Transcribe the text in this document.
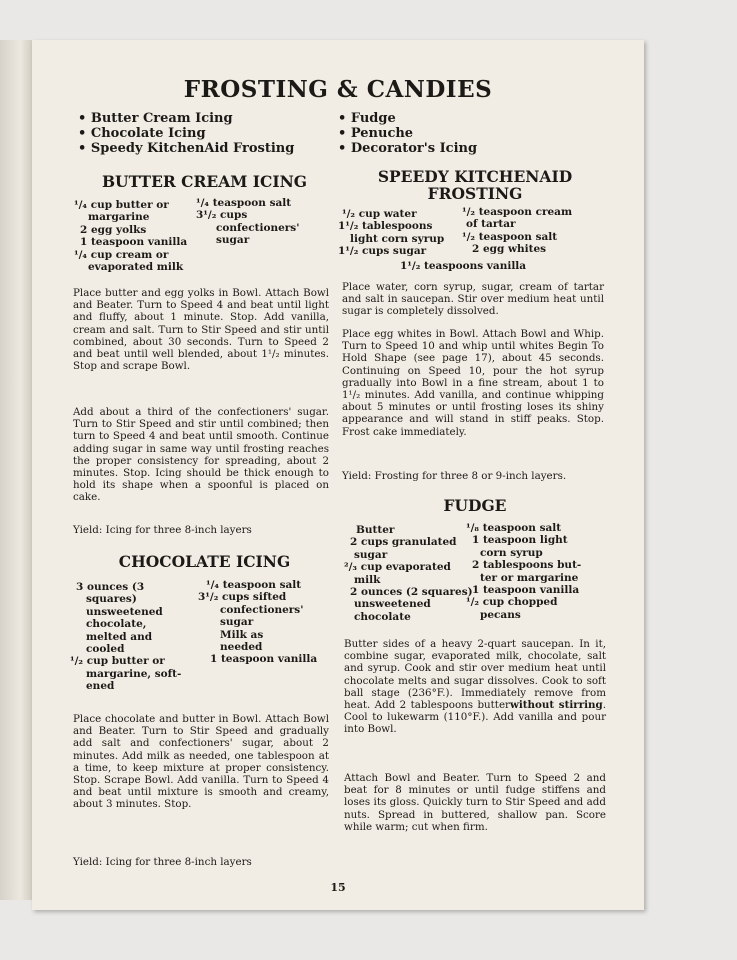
FROSTING & CANDIES
• Butter Cream Icing
• Chocolate Icing
• Speedy KitchenAid Frosting
• Fudge
• Penuche
• Decorator's Icing
BUTTER CREAM ICING
¹/₄ cup butter or
margarine
2 egg yolks
1 teaspoon vanilla
¹/₄ cup cream or
evaporated milk
¹/₄ teaspoon salt
3¹/₂ cups
confectioners'
sugar

Place butter and egg yolks in Bowl. Attach Bowl and Beater. Turn to Speed 4 and beat until light and fluffy, about 1 minute. Stop. Add vanilla, cream and salt. Turn to Stir Speed and stir until combined, about 30 seconds. Turn to Speed 2 and beat until well blended, about 1¹/₂ minutes. Stop and scrape Bowl.

Add about a third of the confectioners' sugar. Turn to Stir Speed and stir until combined; then turn to Speed 4 and beat until smooth. Continue adding sugar in same way until frosting reaches the proper consistency for spreading, about 2 minutes. Stop. Icing should be thick enough to hold its shape when a spoonful is placed on cake.

Yield: Icing for three 8-inch layers

CHOCOLATE ICING
3 ounces (3
squares)
unsweetened
chocolate,
melted and
cooled
¹/₂ cup butter or
margarine, soft-
ened
¹/₄ teaspoon salt
3¹/₂ cups sifted
confectioners'
sugar
Milk as
needed
1 teaspoon vanilla

Place chocolate and butter in Bowl. Attach Bowl and Beater. Turn to Stir Speed and gradually add salt and confectioners' sugar, about 2 minutes. Add milk as needed, one tablespoon at a time, to keep mixture at proper consistency. Stop. Scrape Bowl. Add vanilla. Turn to Speed 4 and beat until mixture is smooth and creamy, about 3 minutes. Stop.

Yield: Icing for three 8-inch layers

SPEEDY KITCHENAID FROSTING
¹/₂ cup water
1¹/₂ tablespoons
light corn syrup
1¹/₂ cups sugar
¹/₂ teaspoon cream
of tartar
¹/₂ teaspoon salt
2 egg whites
1¹/₂ teaspoons vanilla

Place water, corn syrup, sugar, cream of tartar and salt in saucepan. Stir over medium heat until sugar is completely dissolved.

Place egg whites in Bowl. Attach Bowl and Whip. Turn to Speed 10 and whip until whites Begin To Hold Shape (see page 17), about 45 seconds. Continuing on Speed 10, pour the hot syrup gradually into Bowl in a fine stream, about 1 to 1¹/₂ minutes. Add vanilla, and continue whipping about 5 minutes or until frosting loses its shiny appearance and will stand in stiff peaks. Stop. Frost cake immediately.

Yield: Frosting for three 8 or 9-inch layers.

FUDGE
Butter
2 cups granulated
sugar
²/₃ cup evaporated
milk
2 ounces (2 squares)
unsweetened
chocolate
¹/₈ teaspoon salt
1 teaspoon light
corn syrup
2 tablespoons but-
ter or margarine
1 teaspoon vanilla
¹/₂ cup chopped
pecans

Butter sides of a heavy 2-quart saucepan. In it, combine sugar, evaporated milk, chocolate, salt and syrup. Cook and stir over medium heat until chocolate melts and sugar dissolves. Cook to soft ball stage (236°F.). Immediately remove from heat. Add 2 tablespoons butterwithout stirring. Cool to lukewarm (110°F.). Add vanilla and pour into Bowl.

Attach Bowl and Beater. Turn to Speed 2 and beat for 8 minutes or until fudge stiffens and loses its gloss. Quickly turn to Stir Speed and add nuts. Spread in buttered, shallow pan. Score while warm; cut when firm.

15
